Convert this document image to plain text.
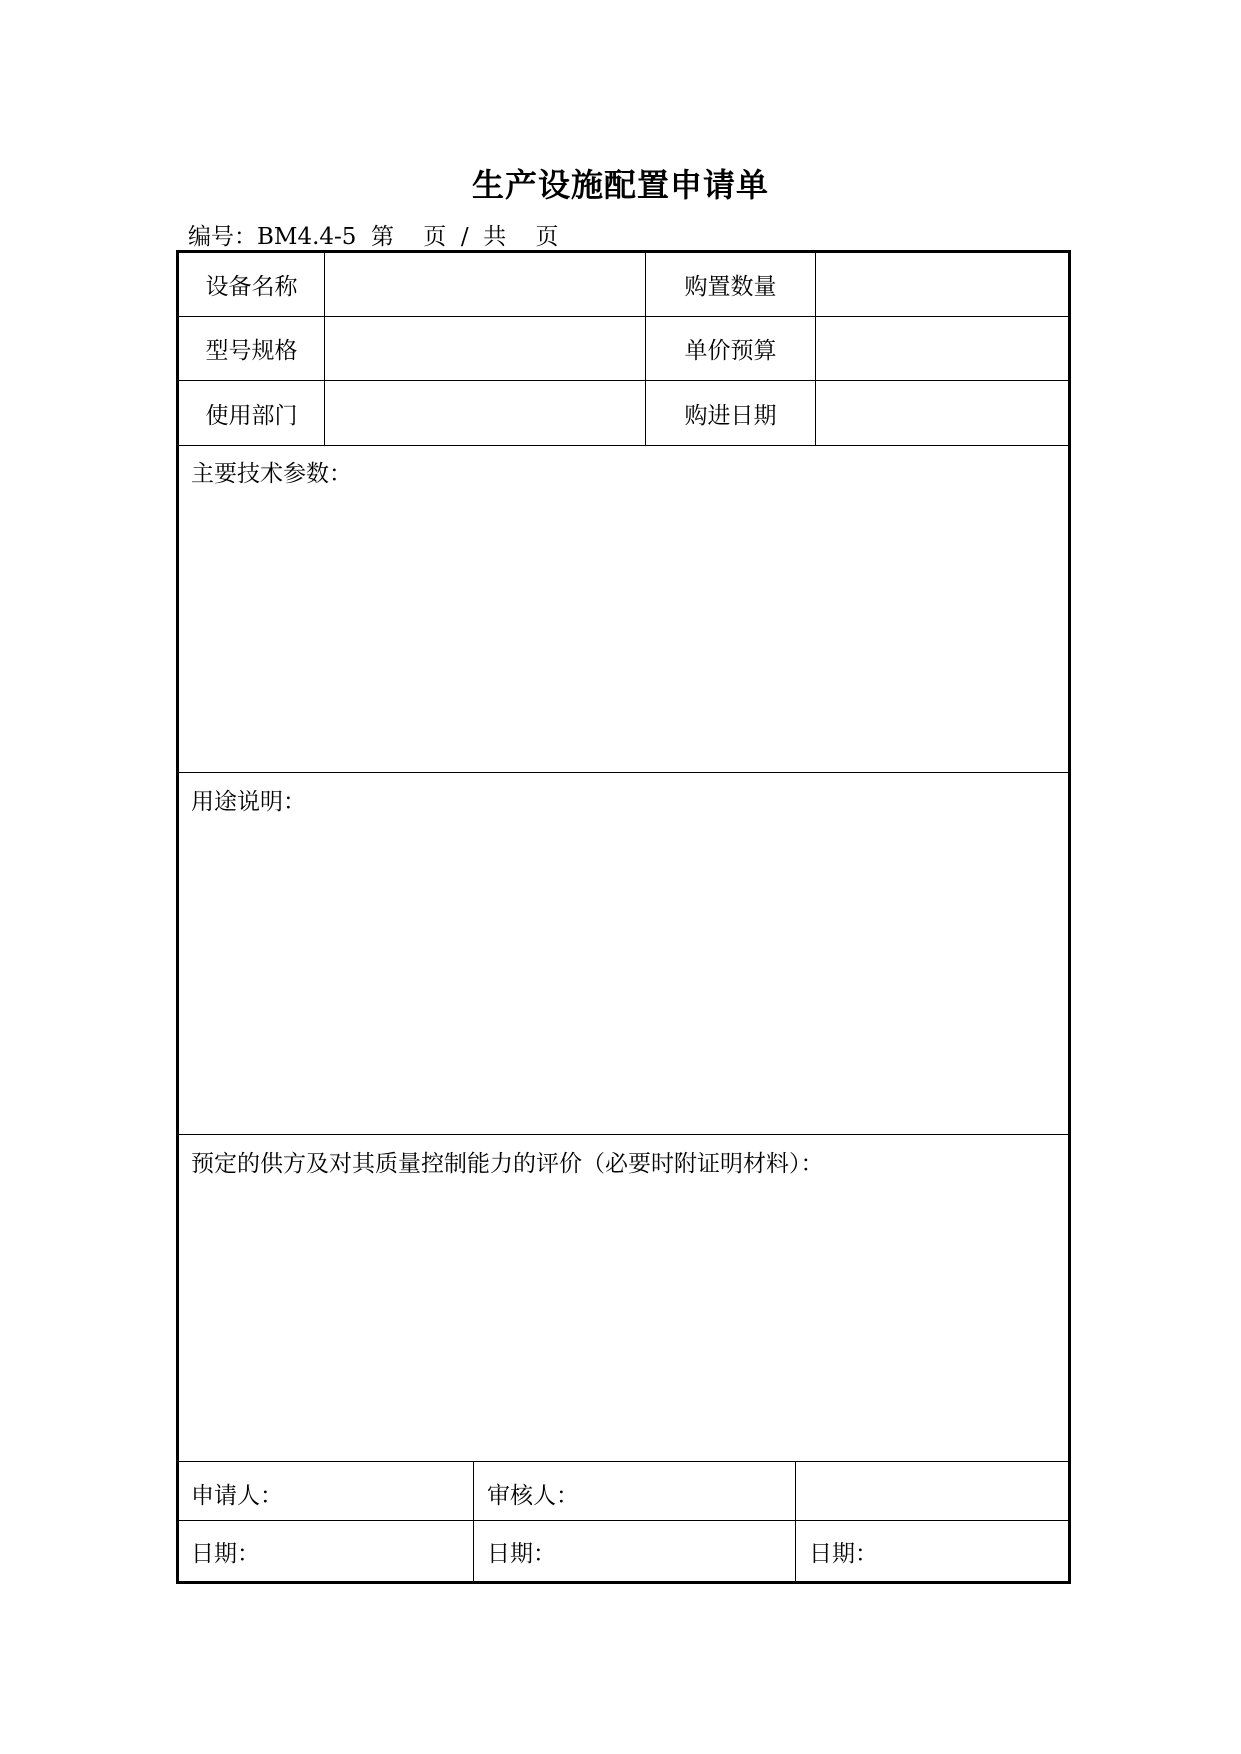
生产设施配置申请单
编号：BM4.4-5  第    页  /  共    页
设备名称	购置数量
型号规格	单价预算
使用部门	购进日期
主要技术参数：
用途说明：
预定的供方及对其质量控制能力的评价（必要时附证明材料）：
申请人：	审核人：
日期：	日期：	日期：
